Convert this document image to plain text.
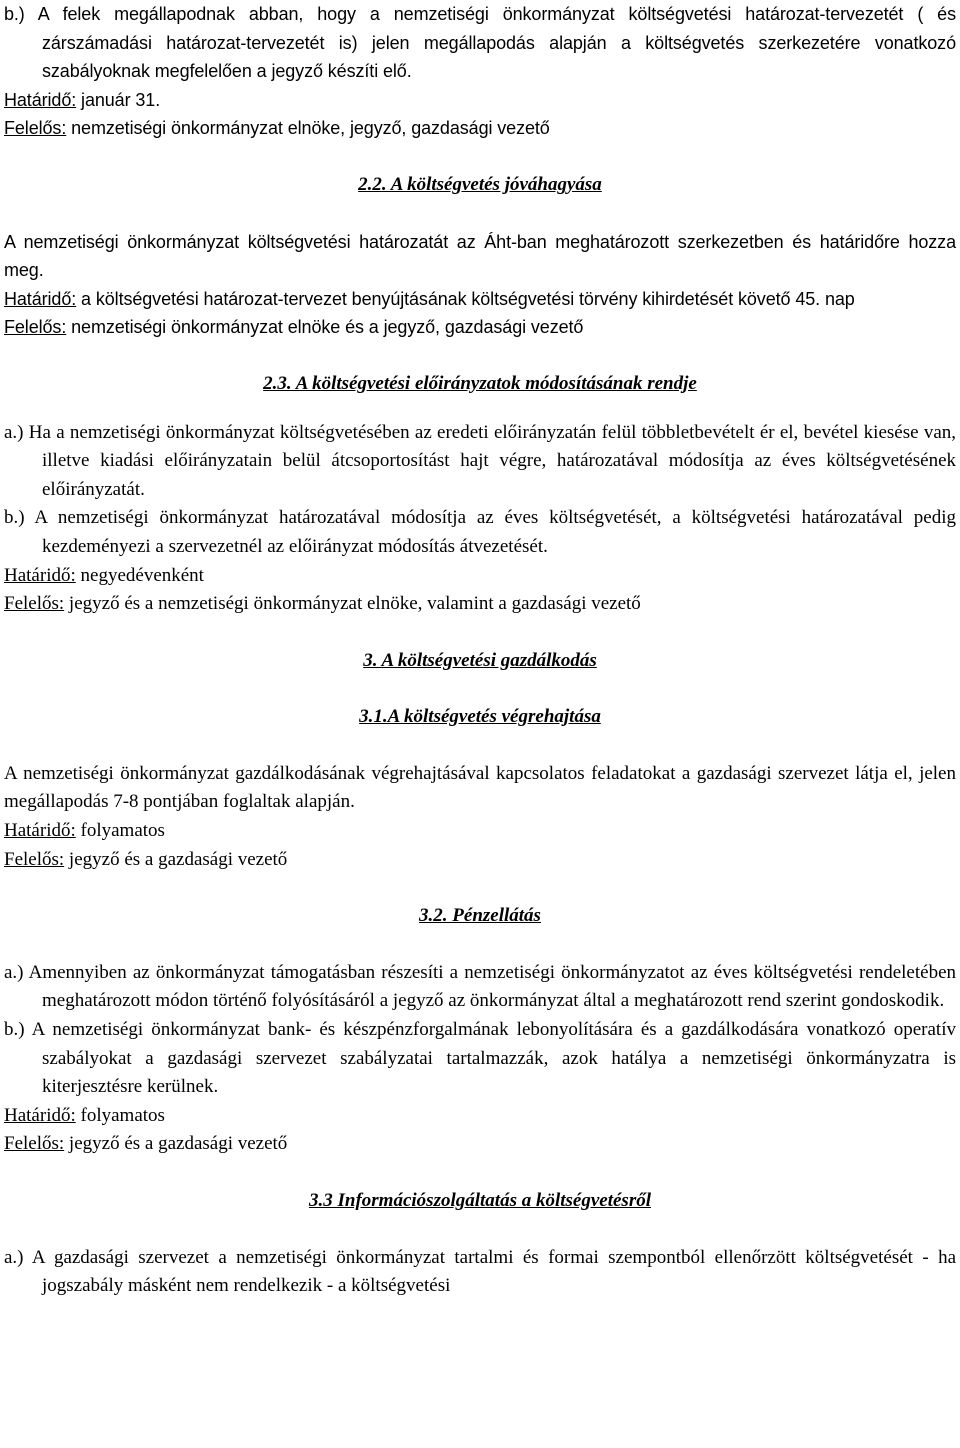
b.) A felek megállapodnak abban, hogy a nemzetiségi önkormányzat költségvetési határozat-tervezetét ( és zárszámadási határozat-tervezetét is) jelen megállapodás alapján a költségvetés szerkezetére vonatkozó szabályoknak megfelelően a jegyző készíti elő.

Határidő: január 31.

Felelős: nemzetiségi önkormányzat elnöke, jegyző, gazdasági vezető

2.2. A költségvetés jóváhagyása

A nemzetiségi önkormányzat költségvetési határozatát az Áht-ban meghatározott szerkezetben és határidőre hozza meg.

Határidő: a költségvetési határozat-tervezet benyújtásának költségvetési törvény kihirdetését követő 45. nap

Felelős: nemzetiségi önkormányzat elnöke és a jegyző, gazdasági vezető

2.3. A költségvetési előirányzatok módosításának rendje

a.) Ha a nemzetiségi önkormányzat költségvetésében az eredeti előirányzatán felül többletbevételt ér el, bevétel kiesése van, illetve kiadási előirányzatain belül átcsoportosítást hajt végre, határozatával módosítja az éves költségvetésének előirányzatát.

b.) A nemzetiségi önkormányzat határozatával módosítja az éves költségvetését, a költségvetési határozatával pedig kezdeményezi a szervezetnél az előirányzat módosítás átvezetését.

Határidő: negyedévenként

Felelős: jegyző és a nemzetiségi önkormányzat elnöke, valamint a gazdasági vezető

3. A költségvetési gazdálkodás

3.1.A költségvetés végrehajtása

A nemzetiségi önkormányzat gazdálkodásának végrehajtásával kapcsolatos feladatokat a gazdasági szervezet látja el, jelen megállapodás 7-8 pontjában foglaltak alapján.

Határidő: folyamatos

Felelős: jegyző és a gazdasági vezető

3.2. Pénzellátás

a.) Amennyiben az önkormányzat támogatásban részesíti a nemzetiségi önkormányzatot az éves költségvetési rendeletében meghatározott módon történő folyósításáról a jegyző az önkormányzat által a meghatározott rend szerint gondoskodik.

b.) A nemzetiségi önkormányzat bank- és készpénzforgalmának lebonyolítására és a gazdálkodására vonatkozó operatív szabályokat a gazdasági szervezet szabályzatai tartalmazzák, azok hatálya a nemzetiségi önkormányzatra is kiterjesztésre kerülnek.

Határidő: folyamatos

Felelős: jegyző és a gazdasági vezető

3.3 Információszolgáltatás a költségvetésről

a.) A gazdasági szervezet a nemzetiségi önkormányzat tartalmi és formai szempontból ellenőrzött költségvetését - ha jogszabály másként nem rendelkezik - a költségvetési
